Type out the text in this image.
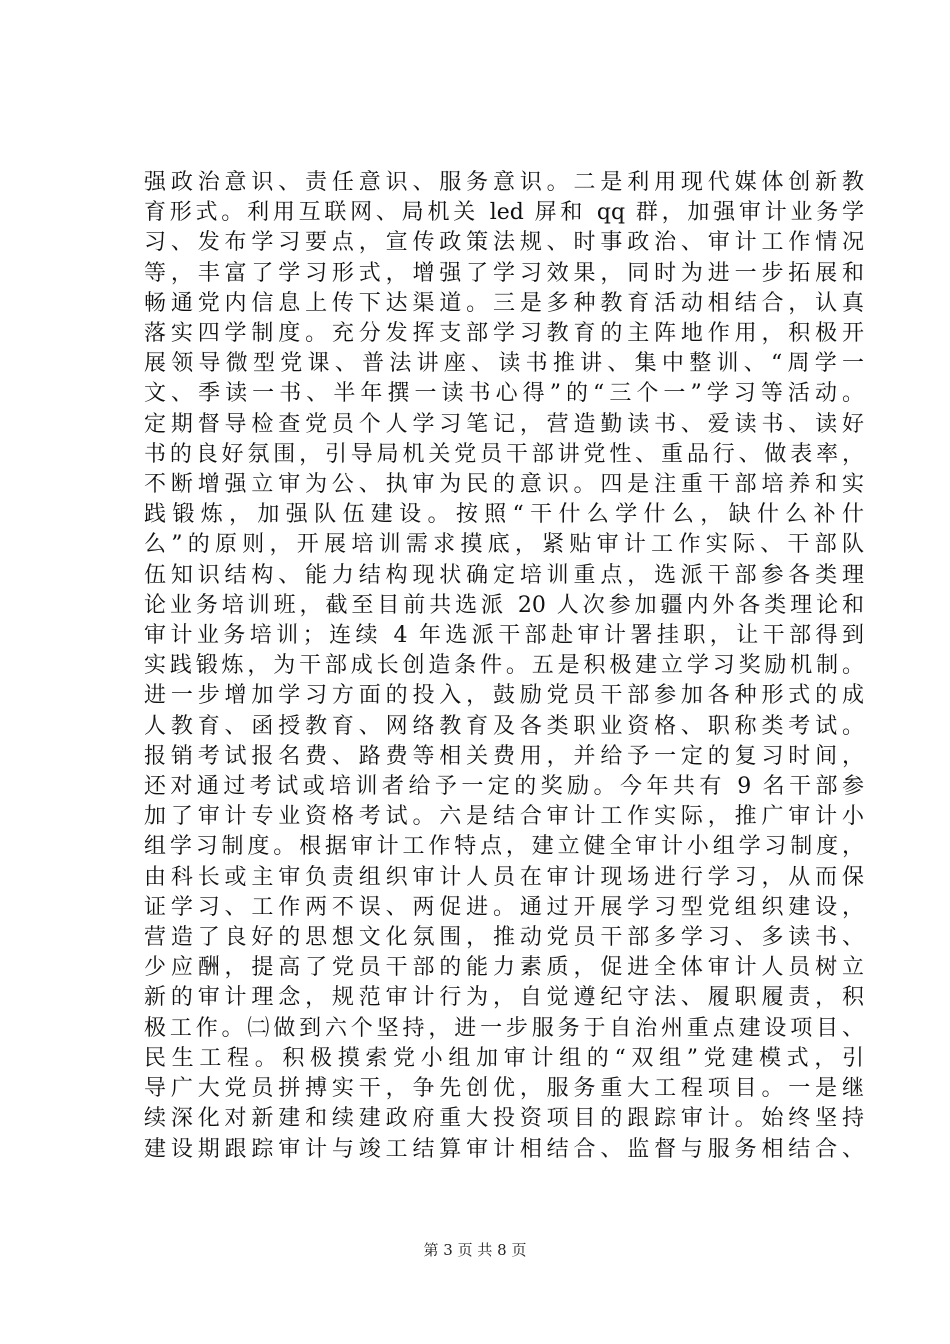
强政治意识、责任意识、服务意识。二是利用现代媒体创新教
育形式。利用互联网、局机关 led 屏和 qq 群，加强审计业务学
习、发布学习要点，宣传政策法规、时事政治、审计工作情况
等，丰富了学习形式，增强了学习效果，同时为进一步拓展和
畅通党内信息上传下达渠道。三是多种教育活动相结合，认真
落实四学制度。充分发挥支部学习教育的主阵地作用，积极开
展领导微型党课、普法讲座、读书推讲、集中整训、“周学一
文、季读一书、半年撰一读书心得”的“三个一”学习等活动。
定期督导检查党员个人学习笔记，营造勤读书、爱读书、读好
书的良好氛围，引导局机关党员干部讲党性、重品行、做表率，
不断增强立审为公、执审为民的意识。四是注重干部培养和实
践锻炼，加强队伍建设。按照“干什么学什么，缺什么补什
么”的原则，开展培训需求摸底，紧贴审计工作实际、干部队
伍知识结构、能力结构现状确定培训重点，选派干部参各类理
论业务培训班，截至目前共选派 20 人次参加疆内外各类理论和
审计业务培训；连续 4 年选派干部赴审计署挂职，让干部得到
实践锻炼，为干部成长创造条件。五是积极建立学习奖励机制。
进一步增加学习方面的投入，鼓励党员干部参加各种形式的成
人教育、函授教育、网络教育及各类职业资格、职称类考试。
报销考试报名费、路费等相关费用，并给予一定的复习时间，
还对通过考试或培训者给予一定的奖励。今年共有 9 名干部参
加了审计专业资格考试。六是结合审计工作实际，推广审计小
组学习制度。根据审计工作特点，建立健全审计小组学习制度，
由科长或主审负责组织审计人员在审计现场进行学习，从而保
证学习、工作两不误、两促进。通过开展学习型党组织建设，
营造了良好的思想文化氛围，推动党员干部多学习、多读书、
少应酬，提高了党员干部的能力素质，促进全体审计人员树立
新的审计理念，规范审计行为，自觉遵纪守法、履职履责，积
极工作。㈡做到六个坚持，进一步服务于自治州重点建设项目、
民生工程。积极摸索党小组加审计组的“双组”党建模式，引
导广大党员拼搏实干，争先创优，服务重大工程项目。一是继
续深化对新建和续建政府重大投资项目的跟踪审计。始终坚持
建设期跟踪审计与竣工结算审计相结合、监督与服务相结合、
第 3 页 共 8 页
